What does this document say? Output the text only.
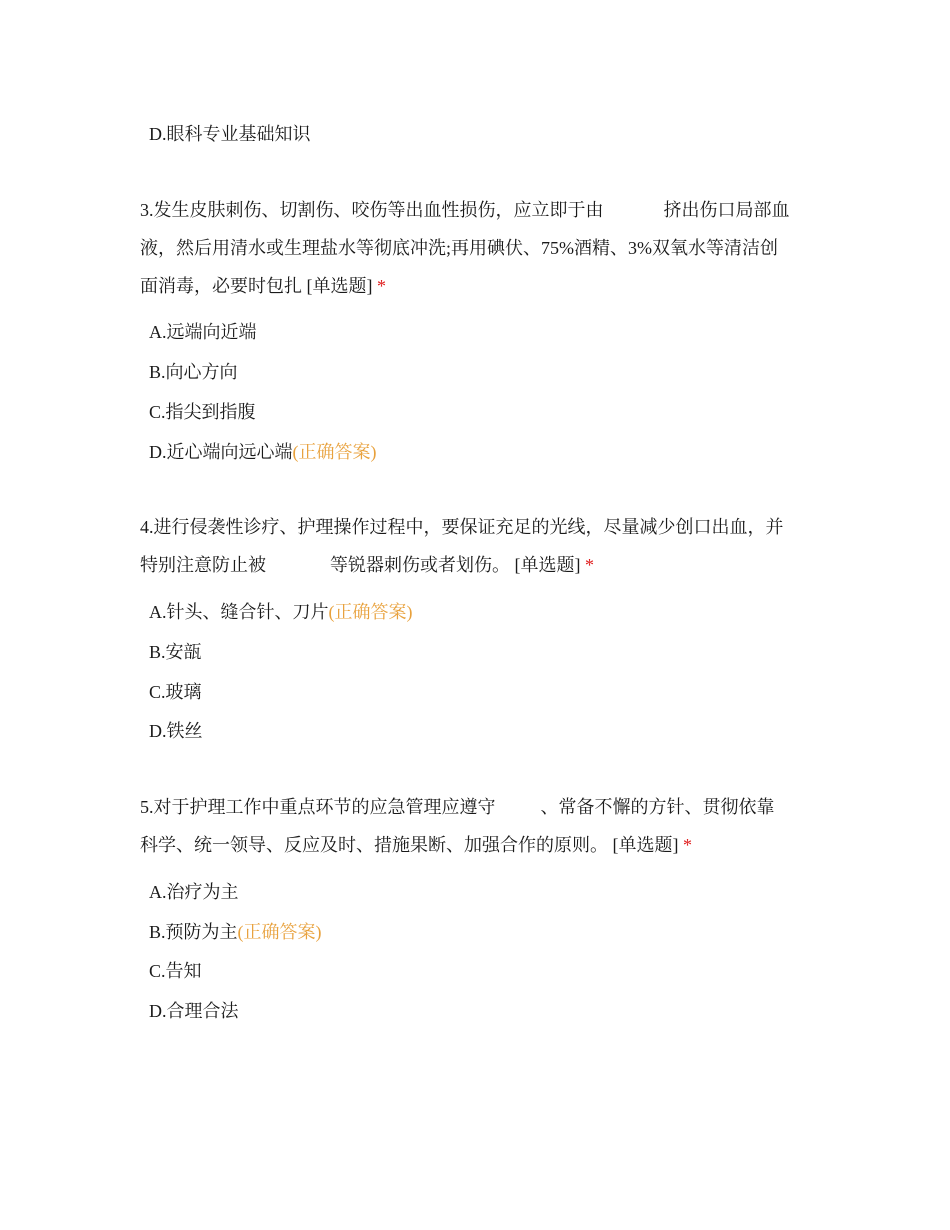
D.眼科专业基础知识
3.发生皮肤刺伤、切割伤、咬伤等出血性损伤，应立即于由	挤出伤口局部血
液，然后用清水或生理盐水等彻底冲洗;再用碘伏、75%酒精、3%双氧水等清洁创
面消毒，必要时包扎 [单选题] *
A.远端向近端
B.向心方向
C.指尖到指腹
D.近心端向远心端(正确答案)
4.进行侵袭性诊疗、护理操作过程中，要保证充足的光线，尽量减少创口出血，并
特别注意防止被	等锐器刺伤或者划伤。 [单选题] *
A.针头、缝合针、刀片(正确答案)
B.安瓿
C.玻璃
D.铁丝
5.对于护理工作中重点环节的应急管理应遵守	、常备不懈的方针、贯彻依靠
科学、统一领导、反应及时、措施果断、加强合作的原则。 [单选题] *
A.治疗为主
B.预防为主(正确答案)
C.告知
D.合理合法
